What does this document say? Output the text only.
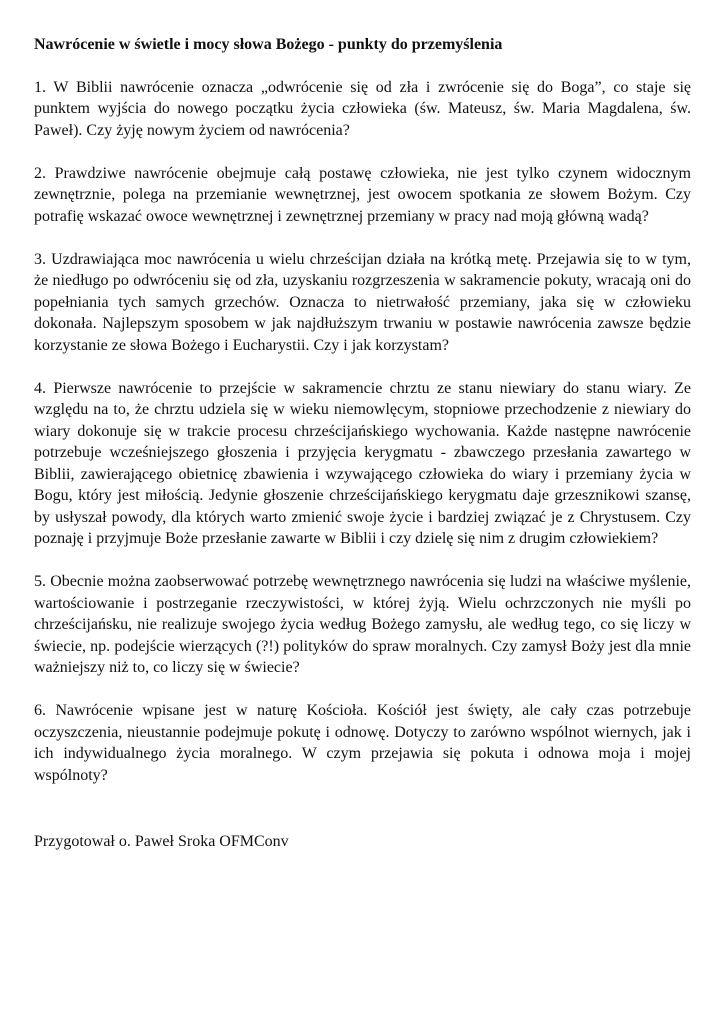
Nawrócenie w świetle i mocy słowa Bożego - punkty do przemyślenia

1. W Biblii nawrócenie oznacza „odwrócenie się od zła i zwrócenie się do Boga”, co staje się punktem wyjścia do nowego początku życia człowieka (św. Mateusz, św. Maria Magdalena, św. Paweł). Czy żyję nowym życiem od nawrócenia?

2. Prawdziwe nawrócenie obejmuje całą postawę człowieka, nie jest tylko czynem widocznym zewnętrznie, polega na przemianie wewnętrznej, jest owocem spotkania ze słowem Bożym. Czy potrafię wskazać owoce wewnętrznej i zewnętrznej przemiany w pracy nad moją główną wadą?

3. Uzdrawiająca moc nawrócenia u wielu chrześcijan działa na krótką metę. Przejawia się to w tym, że niedługo po odwróceniu się od zła, uzyskaniu rozgrzeszenia w sakramencie pokuty, wracają oni do popełniania tych samych grzechów. Oznacza to nietrwałość przemiany, jaka się w człowieku dokonała. Najlepszym sposobem w jak najdłuższym trwaniu w postawie nawrócenia zawsze będzie korzystanie ze słowa Bożego i Eucharystii. Czy i jak korzystam?

4. Pierwsze nawrócenie to przejście w sakramencie chrztu ze stanu niewiary do stanu wiary. Ze względu na to, że chrztu udziela się w wieku niemowlęcym, stopniowe przechodzenie z niewiary do wiary dokonuje się w trakcie procesu chrześcijańskiego wychowania. Każde następne nawrócenie potrzebuje wcześniejszego głoszenia i przyjęcia kerygmatu - zbawczego przesłania zawartego w Biblii, zawierającego obietnicę zbawienia i wzywającego człowieka do wiary i przemiany życia w Bogu, który jest miłością. Jedynie głoszenie chrześcijańskiego kerygmatu daje grzesznikowi szansę, by usłyszał powody, dla których warto zmienić swoje życie i bardziej związać je z Chrystusem. Czy poznaję i przyjmuje Boże przesłanie zawarte w Biblii i czy dzielę się nim z drugim człowiekiem?

5. Obecnie można zaobserwować potrzebę wewnętrznego nawrócenia się ludzi na właściwe myślenie, wartościowanie i postrzeganie rzeczywistości, w której żyją. Wielu ochrzczonych nie myśli po chrześcijańsku, nie realizuje swojego życia według Bożego zamysłu, ale według tego, co się liczy w świecie, np. podejście wierzących (?!) polityków do spraw moralnych. Czy zamysł Boży jest dla mnie ważniejszy niż to, co liczy się w świecie?

6. Nawrócenie wpisane jest w naturę Kościoła. Kościół jest święty, ale cały czas potrzebuje oczyszczenia, nieustannie podejmuje pokutę i odnowę. Dotyczy to zarówno wspólnot wiernych, jak i ich indywidualnego życia moralnego. W czym przejawia się pokuta i odnowa moja i mojej wspólnoty?

Przygotował o. Paweł Sroka OFMConv
